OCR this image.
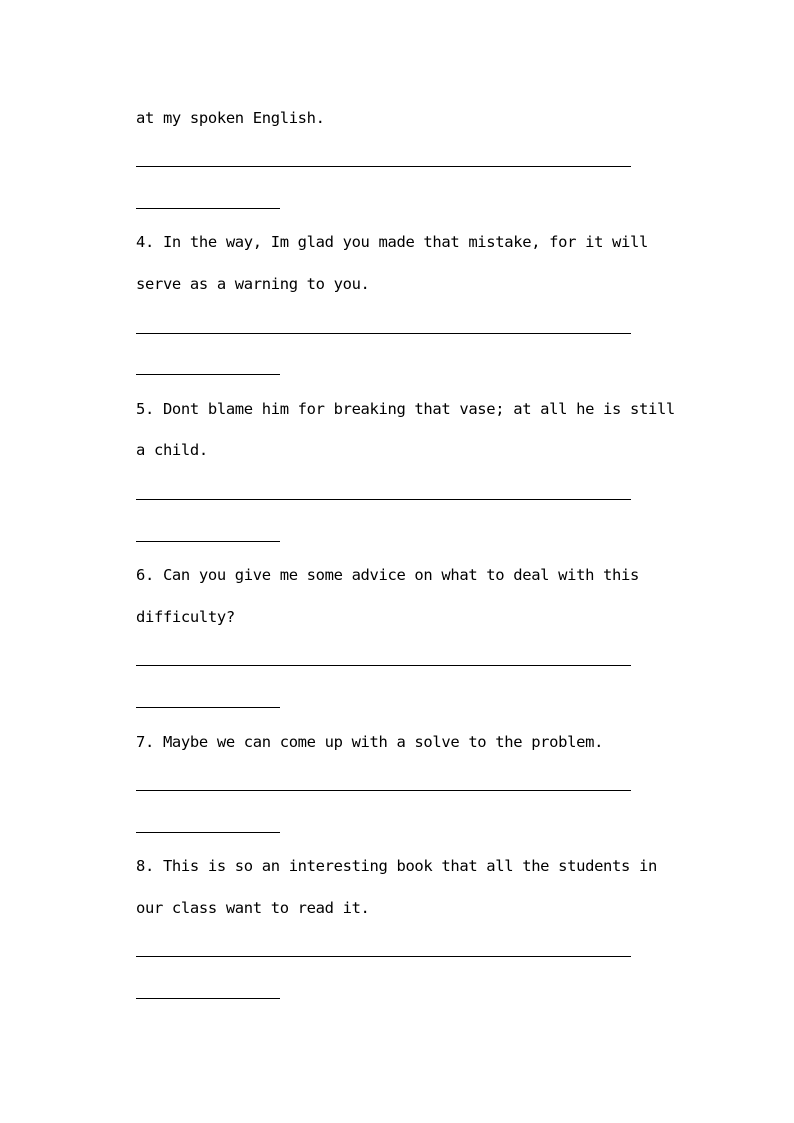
at my spoken English.
4. In the way, Im glad you made that mistake, for it will
serve as a warning to you.
5. Dont blame him for breaking that vase; at all he is still
a child.
6. Can you give me some advice on what to deal with this
difficulty?
7. Maybe we can come up with a solve to the problem.
8. This is so an interesting book that all the students in
our class want to read it.
